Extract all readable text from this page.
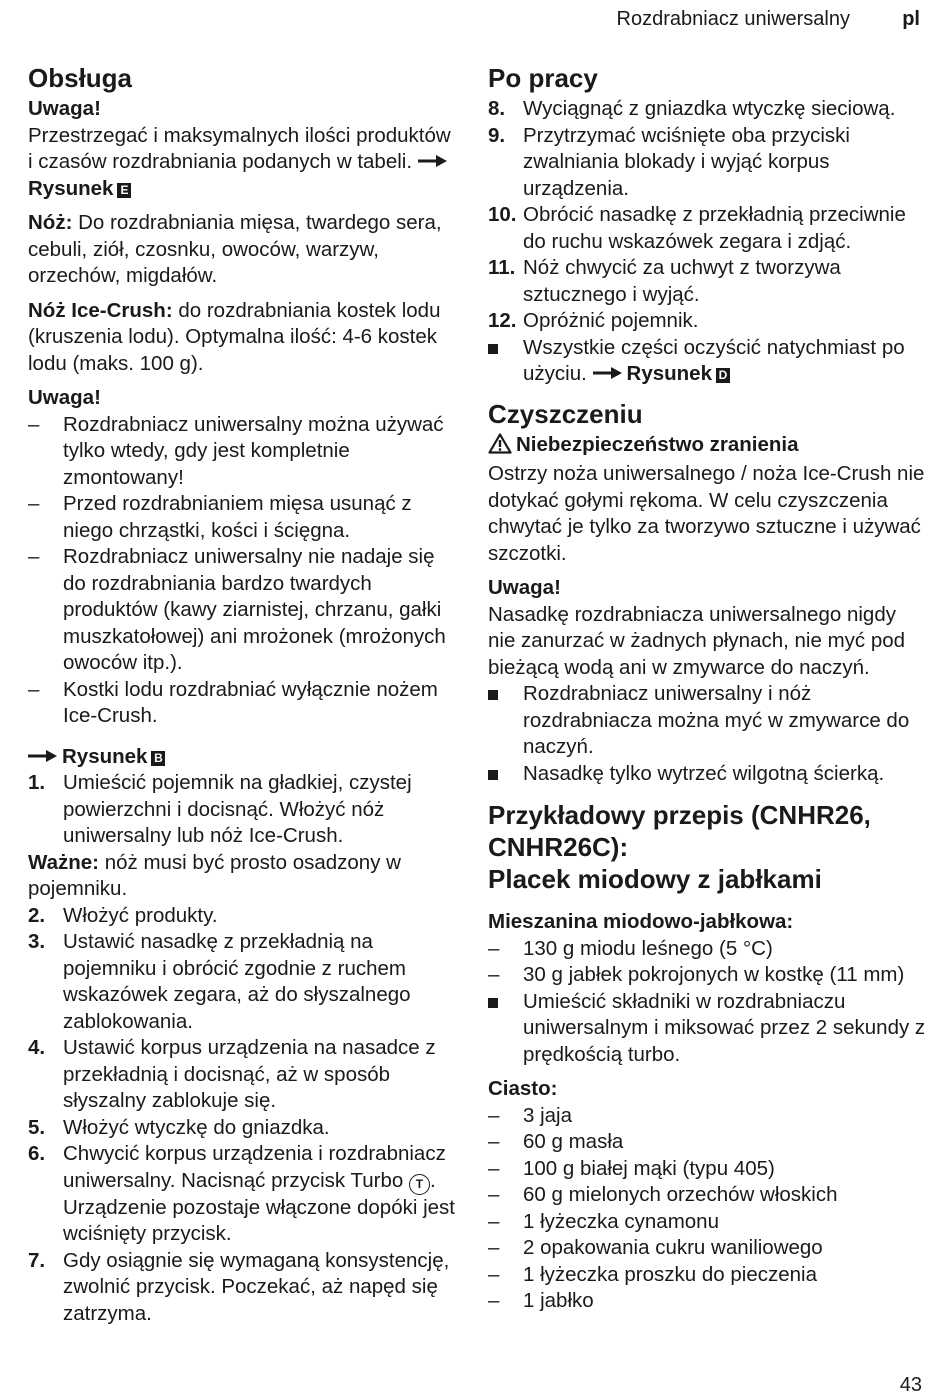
Rozdrabniacz uniwersalny	pl
Obsługa

Uwaga!

Przestrzegać i maksymalnych ilości produktów i czasów rozdrabniania podanych w tabeli. Rysunek E

Nóż: Do rozdrabniania mięsa, twardego sera, cebuli, ziół, czosnku, owoców, warzyw, orzechów, migdałów.

Nóż Ice-Crush: do rozdrabniania kostek lodu (kruszenia lodu). Optymalna ilość: 4-6 kostek lodu (maks. 100 g).

Uwaga!

– Rozdrabniacz uniwersalny można używać tylko wtedy, gdy jest kompletnie zmontowany!
– Przed rozdrabnianiem mięsa usunąć z niego chrząstki, kości i ścięgna.
– Rozdrabniacz uniwersalny nie nadaje się do rozdrabniania bardzo twardych produktów (kawy ziarnistej, chrzanu, gałki muszkatołowej) ani mrożonek (mrożonych owoców itp.).
– Kostki lodu rozdrabniać wyłącznie nożem Ice-Crush.

Rysunek B

1. Umieścić pojemnik na gładkiej, czystej powierzchni i docisnąć. Włożyć nóż uniwersalny lub nóż Ice-Crush.

Ważne: nóż musi być prosto osadzony w pojemniku.

2. Włożyć produkty.
3. Ustawić nasadkę z przekładnią na pojemniku i obrócić zgodnie z ruchem wskazówek zegara, aż do słyszalnego zablokowania.
4. Ustawić korpus urządzenia na nasadce z przekładnią i docisnąć, aż w sposób słyszalny zablokuje się.
5. Włożyć wtyczkę do gniazdka.
6. Chwycić korpus urządzenia i rozdrabniacz uniwersalny. Nacisnąć przycisk Turbo T . Urządzenie pozostaje włączone dopóki jest wciśnięty przycisk.
7. Gdy osiągnie się wymaganą konsystencję, zwolnić przycisk. Poczekać, aż napęd się zatrzyma.
Po pracy
8. Wyciągnąć z gniazdka wtyczkę sieciową.
9. Przytrzymać wciśnięte oba przyciski zwalniania blokady i wyjąć korpus urządzenia.
10. Obrócić nasadkę z przekładnią przeciwnie do ruchu wskazówek zegara i zdjąć.
11. Nóż chwycić za uchwyt z tworzywa sztucznego i wyjąć.
12. Opróżnić pojemnik.
Wszystkie części oczyścić natychmiast po użyciu. Rysunek D
Czyszczeniu

Niebezpieczeństwo zranienia

Ostrzy noża uniwersalnego / noża Ice-Crush nie dotykać gołymi rękoma. W celu czyszczenia chwytać je tylko za tworzywo sztuczne i używać szczotki.

Uwaga!

Nasadkę rozdrabniacza uniwersalnego nigdy nie zanurzać w żadnych płynach, nie myć pod bieżącą wodą ani w zmywarce do naczyń.

Rozdrabniacz uniwersalny i nóż rozdrabniacza można myć w zmywarce do naczyń.
Nasadkę tylko wytrzeć wilgotną ścierką.
Przykładowy przepis (CNHR26, CNHR26C):
Placek miodowy z jabłkami

Mieszanina miodowo-jabłkowa:

– 130 g miodu leśnego (5 °C)
– 30 g jabłek pokrojonych w kostkę (11 mm)
Umieścić składniki w rozdrabniaczu uniwersalnym i miksować przez 2 sekundy z prędkością turbo.

Ciasto:

– 3 jaja
– 60 g masła
– 100 g białej mąki (typu 405)
– 60 g mielonych orzechów włoskich
– 1 łyżeczka cynamonu
– 2 opakowania cukru waniliowego
– 1 łyżeczka proszku do pieczenia
– 1 jabłko
43
